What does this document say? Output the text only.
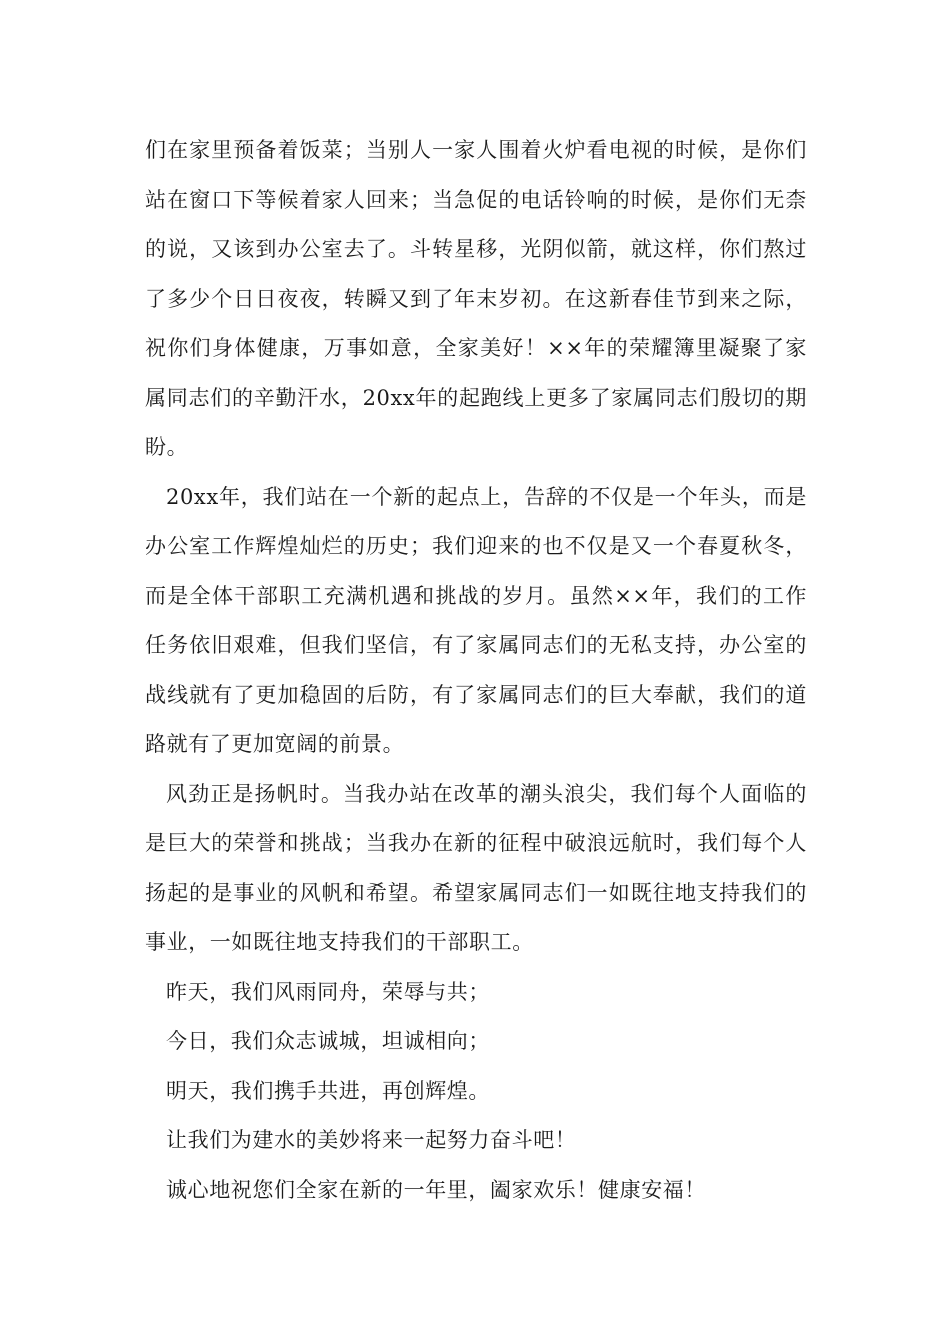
们在家里预备着饭菜；当别人一家人围着火炉看电视的时候，是你们站在窗口下等候着家人回来；当急促的电话铃响的时候，是你们无柰的说，又该到办公室去了。斗转星移，光阴似箭，就这样，你们熬过了多少个日日夜夜，转瞬又到了年末岁初。在这新春佳节到来之际，祝你们身体健康，万事如意，全家美好！××年的荣耀簿里凝聚了家属同志们的辛勤汗水，20xx年的起跑线上更多了家属同志们殷切的期盼。

20xx年，我们站在一个新的起点上，告辞的不仅是一个年头，而是办公室工作辉煌灿烂的历史；我们迎来的也不仅是又一个春夏秋冬，而是全体干部职工充满机遇和挑战的岁月。虽然××年，我们的工作任务依旧艰难，但我们坚信，有了家属同志们的无私支持，办公室的战线就有了更加稳固的后防，有了家属同志们的巨大奉献，我们的道路就有了更加宽阔的前景。

风劲正是扬帆时。当我办站在改革的潮头浪尖，我们每个人面临的是巨大的荣誉和挑战；当我办在新的征程中破浪远航时，我们每个人扬起的是事业的风帆和希望。希望家属同志们一如既往地支持我们的事业，一如既往地支持我们的干部职工。

昨天，我们风雨同舟，荣辱与共；

今日，我们众志诚城，坦诚相向；

明天，我们携手共进，再创辉煌。

让我们为建水的美妙将来一起努力奋斗吧！

诚心地祝您们全家在新的一年里，阖家欢乐！健康安福！
